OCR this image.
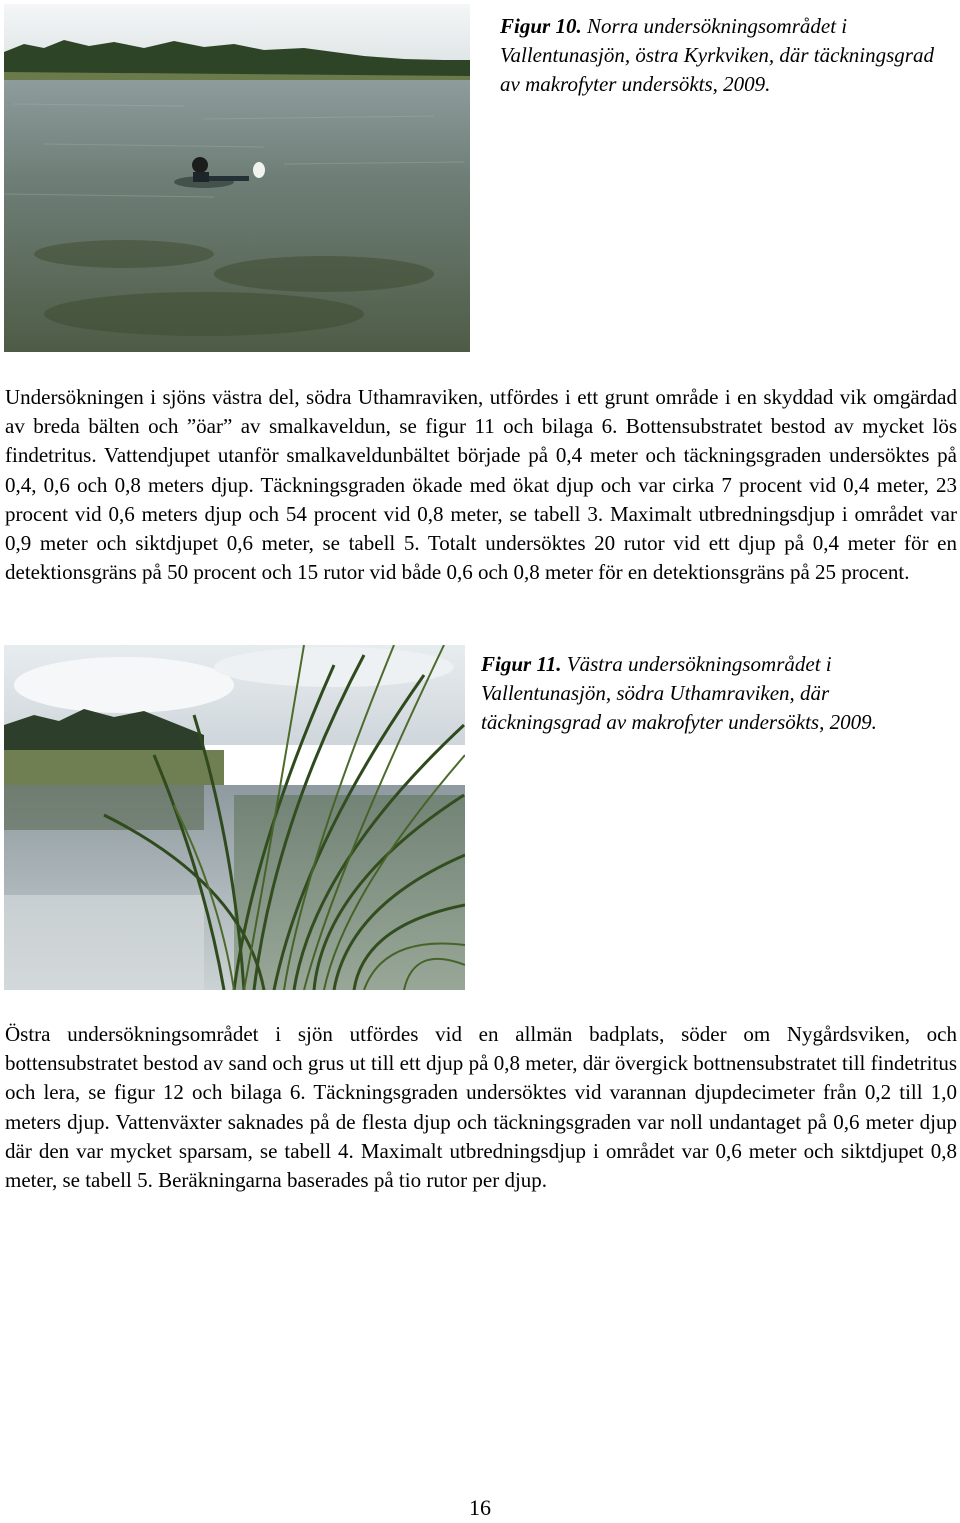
Figur 10. Norra undersökningsområdet i Vallentunasjön, östra Kyrkviken, där täckningsgrad av makrofyter undersökts, 2009.

Undersökningen i sjöns västra del, södra Uthamraviken, utfördes i ett grunt område i en skyddad vik omgärdad av breda bälten och ”öar” av smalkaveldun, se figur 11 och bilaga 6. Bottensubstratet bestod av mycket lös findetritus. Vattendjupet utanför smalkaveldunbältet började på 0,4 meter och täckningsgraden undersöktes på 0,4, 0,6 och 0,8 meters djup. Täckningsgraden ökade med ökat djup och var cirka 7 procent vid 0,4 meter, 23 procent vid 0,6 meters djup och 54 procent vid 0,8 meter, se tabell 3. Maximalt utbredningsdjup i området var 0,9 meter och siktdjupet 0,6 meter, se tabell 5. Totalt undersöktes 20 rutor vid ett djup på 0,4 meter för en detektionsgräns på 50 procent och 15 rutor vid både 0,6 och 0,8 meter för en detektionsgräns på 25 procent.

Figur 11. Västra undersökningsområdet i Vallentunasjön, södra Uthamraviken, där täckningsgrad av makrofyter undersökts, 2009.

Östra undersökningsområdet i sjön utfördes vid en allmän badplats, söder om Nygårdsviken, och bottensubstratet bestod av sand och grus ut till ett djup på 0,8 meter, där övergick bottnensubstratet till findetritus och lera, se figur 12 och bilaga 6. Täckningsgraden undersöktes vid varannan djupdecimeter från 0,2 till 1,0 meters djup. Vattenväxter saknades på de flesta djup och täckningsgraden var noll undantaget på 0,6 meter djup där den var mycket sparsam, se tabell 4. Maximalt utbredningsdjup i området var 0,6 meter och siktdjupet 0,8 meter, se tabell 5. Beräkningarna baserades på tio rutor per djup.

16
